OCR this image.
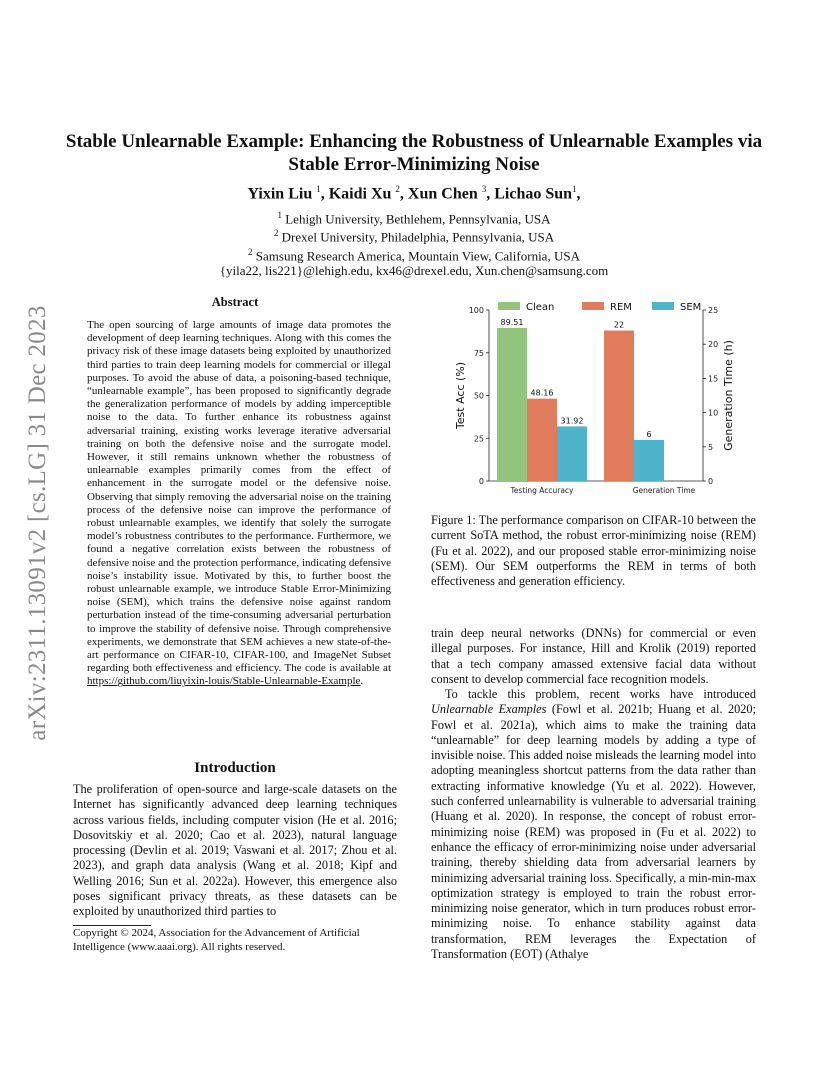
arXiv:2311.13091v2 [cs.LG] 31 Dec 2023
Stable Unlearnable Example: Enhancing the Robustness of Unlearnable Examples via Stable Error-Minimizing Noise
Yixin Liu $^1$, Kaidi Xu $^2$, Xun Chen $^3$, Lichao Sun$^1$,
$^1$ Lehigh University, Bethlehem, Pennsylvania, USA
$^2$ Drexel University, Philadelphia, Pennsylvania, USA
$^2$ Samsung Research America, Mountain View, California, USA
{yila22, lis221}@lehigh.edu, kx46@drexel.edu, Xun.chen@samsung.com
Abstract
The open sourcing of large amounts of image data promotes the development of deep learning techniques. Along with this comes the privacy risk of these image datasets being exploited by unauthorized third parties to train deep learning models for commercial or illegal purposes. To avoid the abuse of data, a poisoning-based technique, “unlearnable example”, has been proposed to significantly degrade the generalization performance of models by adding imperceptible noise to the data. To further enhance its robustness against adversarial training, existing works leverage iterative adversarial training on both the defensive noise and the surrogate model. However, it still remains unknown whether the robustness of unlearnable examples primarily comes from the effect of enhancement in the surrogate model or the defensive noise. Observing that simply removing the adversarial noise on the training process of the defensive noise can improve the performance of robust unlearnable examples, we identify that solely the surrogate model’s robustness contributes to the performance. Furthermore, we found a negative correlation exists between the robustness of defensive noise and the protection performance, indicating defensive noise’s instability issue. Motivated by this, to further boost the robust unlearnable example, we introduce Stable Error-Minimizing noise (SEM), which trains the defensive noise against random perturbation instead of the time-consuming adversarial perturbation to improve the stability of defensive noise. Through comprehensive experiments, we demonstrate that SEM achieves a new state-of-the-art performance on CIFAR-10, CIFAR-100, and ImageNet Subset regarding both effectiveness and efficiency. The code is available at https://github.com/liuyixin-louis/Stable-Unlearnable-Example.
Introduction
The proliferation of open-source and large-scale datasets on the Internet has significantly advanced deep learning techniques across various fields, including computer vision (He et al. 2016; Dosovitskiy et al. 2020; Cao et al. 2023), natural language processing (Devlin et al. 2019; Vaswani et al. 2017; Zhou et al. 2023), and graph data analysis (Wang et al. 2018; Kipf and Welling 2016; Sun et al. 2022a). However, this emergence also poses significant privacy threats, as these datasets can be exploited by unauthorized third parties to
Copyright © 2024, Association for the Advancement of Artificial Intelligence (www.aaai.org). All rights reserved.
0
25
50
75
100
0
5
10
15
20
25
Test Acc (%)	Generation Time (h)
89.51
48.16
31.92
Testing Accuracy
22
6
Generation Time
Clean	REM	SEM
Figure 1: The performance comparison on CIFAR-10 between the current SoTA method, the robust error-minimizing noise (REM) (Fu et al. 2022), and our proposed stable error-minimizing noise (SEM). Our SEM outperforms the REM in terms of both effectiveness and generation efficiency.
train deep neural networks (DNNs) for commercial or even illegal purposes. For instance, Hill and Krolik (2019) reported that a tech company amassed extensive facial data without consent to develop commercial face recognition models.
To tackle this problem, recent works have introduced Unlearnable Examples (Fowl et al. 2021b; Huang et al. 2020; Fowl et al. 2021a), which aims to make the training data “unlearnable” for deep learning models by adding a type of invisible noise. This added noise misleads the learning model into adopting meaningless shortcut patterns from the data rather than extracting informative knowledge (Yu et al. 2022). However, such conferred unlearnability is vulnerable to adversarial training (Huang et al. 2020). In response, the concept of robust error-minimizing noise (REM) was proposed in (Fu et al. 2022) to enhance the efficacy of error-minimizing noise under adversarial training, thereby shielding data from adversarial learners by minimizing adversarial training loss. Specifically, a min-min-max optimization strategy is employed to train the robust error-minimizing noise generator, which in turn produces robust error-minimizing noise. To enhance stability against data transformation, REM leverages the Expectation of Transformation (EOT) (Athalye
